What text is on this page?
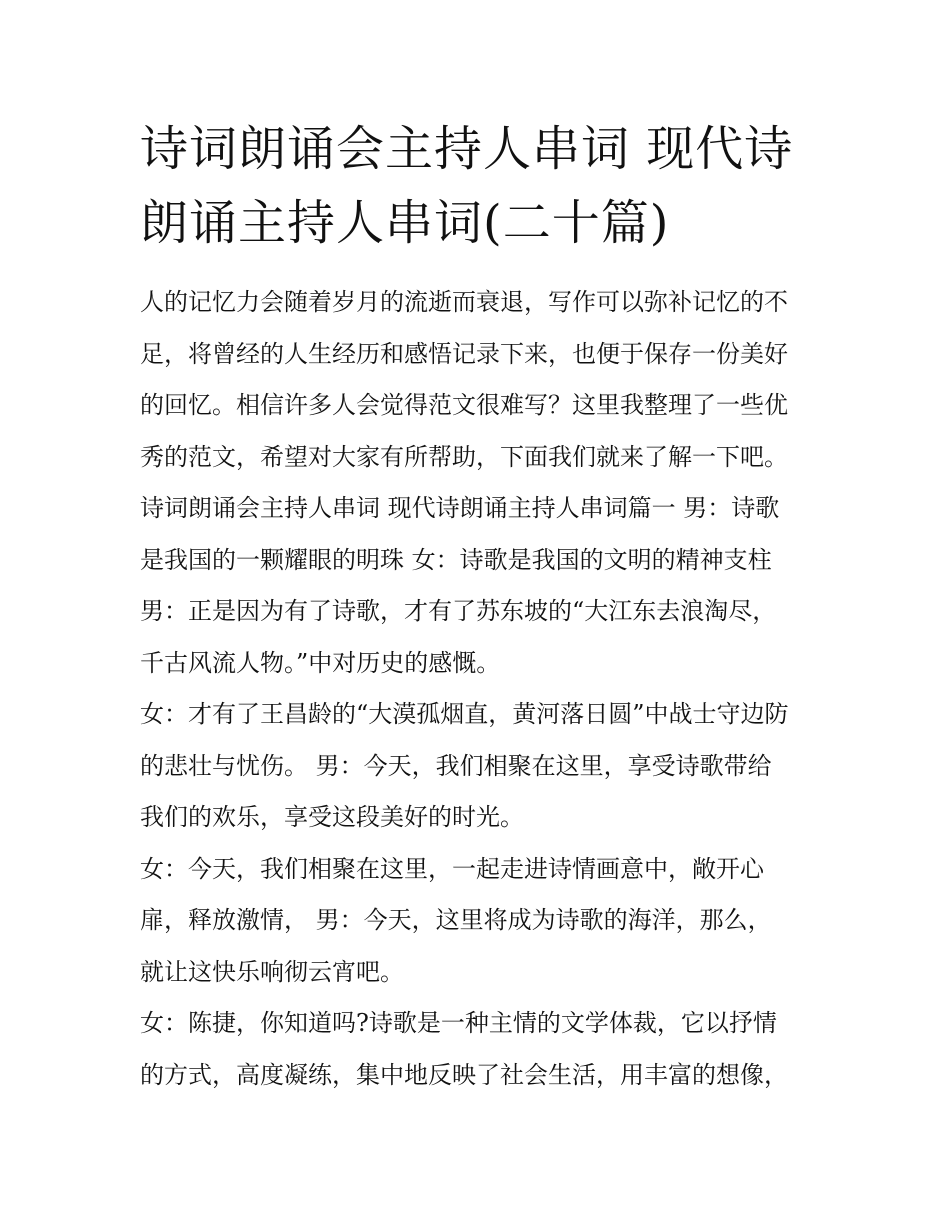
诗词朗诵会主持人串词 现代诗
朗诵主持人串词(二十篇)
人的记忆力会随着岁月的流逝而衰退，写作可以弥补记忆的不
足，将曾经的人生经历和感悟记录下来，也便于保存一份美好
的回忆。相信许多人会觉得范文很难写？这里我整理了一些优
秀的范文，希望对大家有所帮助，下面我们就来了解一下吧。
诗词朗诵会主持人串词 现代诗朗诵主持人串词篇一 男：诗歌
是我国的一颗耀眼的明珠 女：诗歌是我国的文明的精神支柱
男：正是因为有了诗歌，才有了苏东坡的“大江东去浪淘尽，
千古风流人物。”中对历史的感慨。
女：才有了王昌龄的“大漠孤烟直，黄河落日圆”中战士守边防
的悲壮与忧伤。 男：今天，我们相聚在这里，享受诗歌带给
我们的欢乐，享受这段美好的时光。
女：今天，我们相聚在这里，一起走进诗情画意中，敞开心
扉，释放激情， 男：今天，这里将成为诗歌的海洋，那么，
就让这快乐响彻云宵吧。
女：陈捷，你知道吗?诗歌是一种主情的文学体裁，它以抒情
的方式，高度凝练，集中地反映了社会生活，用丰富的想像，
